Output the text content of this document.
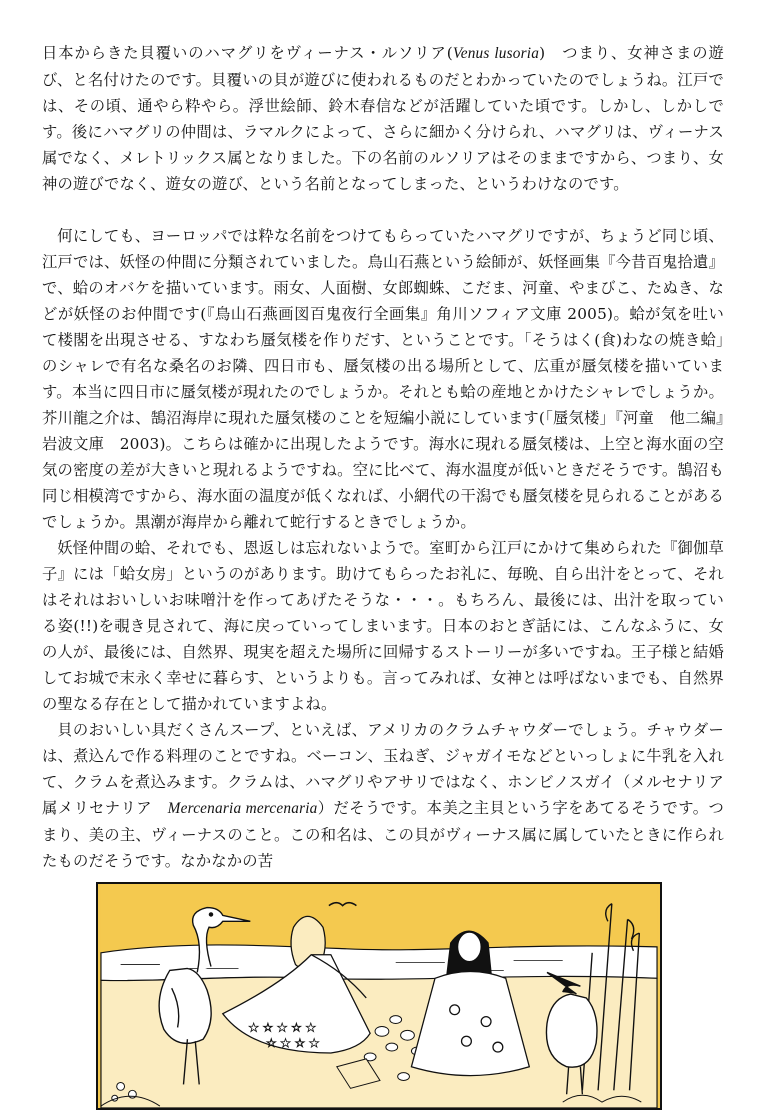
日本からきた貝覆いのハマグリをヴィーナス・ルソリア(Venus lusoria)　つまり、女神さまの遊び、と名付けたのです。貝覆いの貝が遊びに使われるものだとわかっていたのでしょうね。江戸では、その頃、通やら粋やら。浮世絵師、鈴木春信などが活躍していた頃です。しかし、しかしです。後にハマグリの仲間は、ラマルクによって、さらに細かく分けられ、ハマグリは、ヴィーナス属でなく、メレトリックス属となりました。下の名前のルソリアはそのままですから、つまり、女神の遊びでなく、遊女の遊び、という名前となってしまった、というわけなのです。

何にしても、ヨーロッパでは粋な名前をつけてもらっていたハマグリですが、ちょうど同じ頃、江戸では、妖怪の仲間に分類されていました。鳥山石燕という絵師が、妖怪画集『今昔百鬼拾遺』で、蛤のオバケを描いています。雨女、人面樹、女郎蜘蛛、こだま、河童、やまびこ、たぬき、などが妖怪のお仲間です(『鳥山石燕画図百鬼夜行全画集』角川ソフィア文庫 2005)。蛤が気を吐いて楼閣を出現させる、すなわち蜃気楼を作りだす、ということです。「そうはく(食)わなの焼き蛤」のシャレで有名な桑名のお隣、四日市も、蜃気楼の出る場所として、広重が蜃気楼を描いています。本当に四日市に蜃気楼が現れたのでしょうか。それとも蛤の産地とかけたシャレでしょうか。芥川龍之介は、鵠沼海岸に現れた蜃気楼のことを短編小説にしています(「蜃気楼」『河童　他二編』岩波文庫　2003)。こちらは確かに出現したようです。海水に現れる蜃気楼は、上空と海水面の空気の密度の差が大きいと現れるようですね。空に比べて、海水温度が低いときだそうです。鵠沼も同じ相模湾ですから、海水面の温度が低くなれば、小網代の干潟でも蜃気楼を見られることがあるでしょうか。黒潮が海岸から離れて蛇行するときでしょうか。

妖怪仲間の蛤、それでも、恩返しは忘れないようで。室町から江戸にかけて集められた『御伽草子』には「蛤女房」というのがあります。助けてもらったお礼に、毎晩、自ら出汁をとって、それはそれはおいしいお味噌汁を作ってあげたそうな・・・。もちろん、最後には、出汁を取っている姿(!!)を覗き見されて、海に戻っていってしまいます。日本のおとぎ話には、こんなふうに、女の人が、最後には、自然界、現実を超えた場所に回帰するストーリーが多いですね。王子様と結婚してお城で末永く幸せに暮らす、というよりも。言ってみれば、女神とは呼ばないまでも、自然界の聖なる存在として描かれていますよね。

貝のおいしい具だくさんスープ、といえば、アメリカのクラムチャウダーでしょう。チャウダーは、煮込んで作る料理のことですね。ベーコン、玉ねぎ、ジャガイモなどといっしょに牛乳を入れて、クラムを煮込みます。クラムは、ハマグリやアサリではなく、ホンビノスガイ（メルセナリア属メリセナリア　Mercenaria mercenaria）だそうです。本美之主貝という字をあてるそうです。つまり、美の主、ヴィーナスのこと。この和名は、この貝がヴィーナス属に属していたときに作られたものだそうです。なかなかの苦

★ ☆ ★ ☆ ★
☆ ★ ☆ ★
